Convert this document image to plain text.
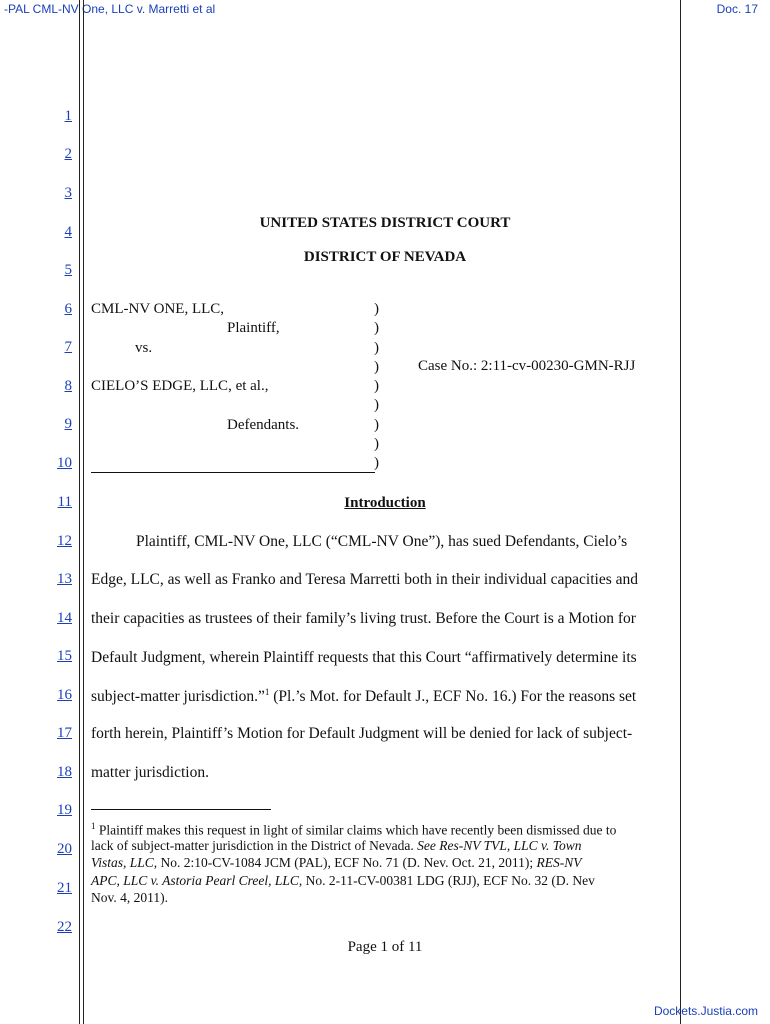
-PAL CML-NV One, LLC v. Marretti et al	Doc. 17
1
2
3
4
5
6
7
8
9
10
11
12
13
14
15
16
17
18
19
20
21
22
UNITED STATES DISTRICT COURT
DISTRICT OF NEVADA
CML-NV ONE, LLC,
Plaintiff,
vs.
CIELO’S EDGE, LLC, et al.,
Defendants.
Case No.: 2:11-cv-00230-GMN-RJJ
)
)
)
)
)
)
)
)
)
Introduction
Plaintiff, CML-NV One, LLC (“CML-NV One”), has sued Defendants, Cielo’s
Edge, LLC, as well as Franko and Teresa Marretti both in their individual capacities and
their capacities as trustees of their family’s living trust. Before the Court is a Motion for
Default Judgment, wherein Plaintiff requests that this Court “affirmatively determine its
subject-matter jurisdiction.”$^1$ (Pl.’s Mot. for Default J., ECF No. 16.) For the reasons set
forth herein, Plaintiff’s Motion for Default Judgment will be denied for lack of subject-
matter jurisdiction.
$^1$ Plaintiff makes this request in light of similar claims which have recently been dismissed due to
lack of subject-matter jurisdiction in the District of Nevada. See Res-NV TVL, LLC v. Town
Vistas, LLC, No. 2:10-CV-1084 JCM (PAL), ECF No. 71 (D. Nev. Oct. 21, 2011); RES-NV
APC, LLC v. Astoria Pearl Creel, LLC, No. 2-11-CV-00381 LDG (RJJ), ECF No. 32 (D. Nev
Nov. 4, 2011).
Page 1 of 11
Dockets.Justia.com
